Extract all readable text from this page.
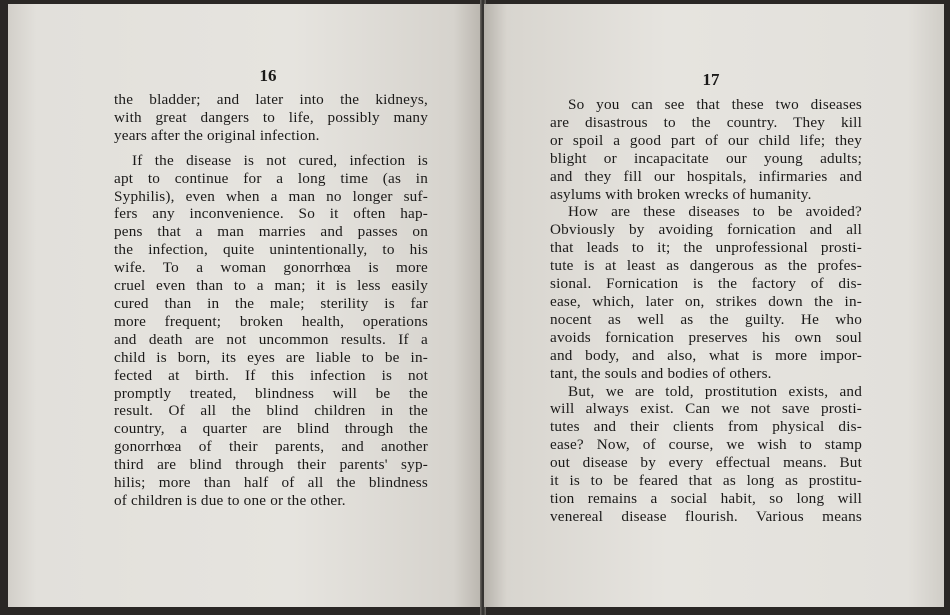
16
the bladder; and later into the kidneys,
with great dangers to life, possibly many
years after the original infection.
If the disease is not cured, infection is
apt to continue for a long time (as in
Syphilis), even when a man no longer suf-
fers any inconvenience. So it often hap-
pens that a man marries and passes on
the infection, quite unintentionally, to his
wife. To a woman gonorrhœa is more
cruel even than to a man; it is less easily
cured than in the male; sterility is far
more frequent; broken health, operations
and death are not uncommon results. If a
child is born, its eyes are liable to be in-
fected at birth. If this infection is not
promptly treated, blindness will be the
result. Of all the blind children in the
country, a quarter are blind through the
gonorrhœa of their parents, and another
third are blind through their parents' syp-
hilis; more than half of all the blindness
of children is due to one or the other.
17
So you can see that these two diseases
are disastrous to the country. They kill
or spoil a good part of our child life; they
blight or incapacitate our young adults;
and they fill our hospitals, infirmaries and
asylums with broken wrecks of humanity.
How are these diseases to be avoided?
Obviously by avoiding fornication and all
that leads to it; the unprofessional prosti-
tute is at least as dangerous as the profes-
sional. Fornication is the factory of dis-
ease, which, later on, strikes down the in-
nocent as well as the guilty. He who
avoids fornication preserves his own soul
and body, and also, what is more impor-
tant, the souls and bodies of others.
But, we are told, prostitution exists, and
will always exist. Can we not save prosti-
tutes and their clients from physical dis-
ease? Now, of course, we wish to stamp
out disease by every effectual means. But
it is to be feared that as long as prostitu-
tion remains a social habit, so long will
venereal disease flourish. Various means
